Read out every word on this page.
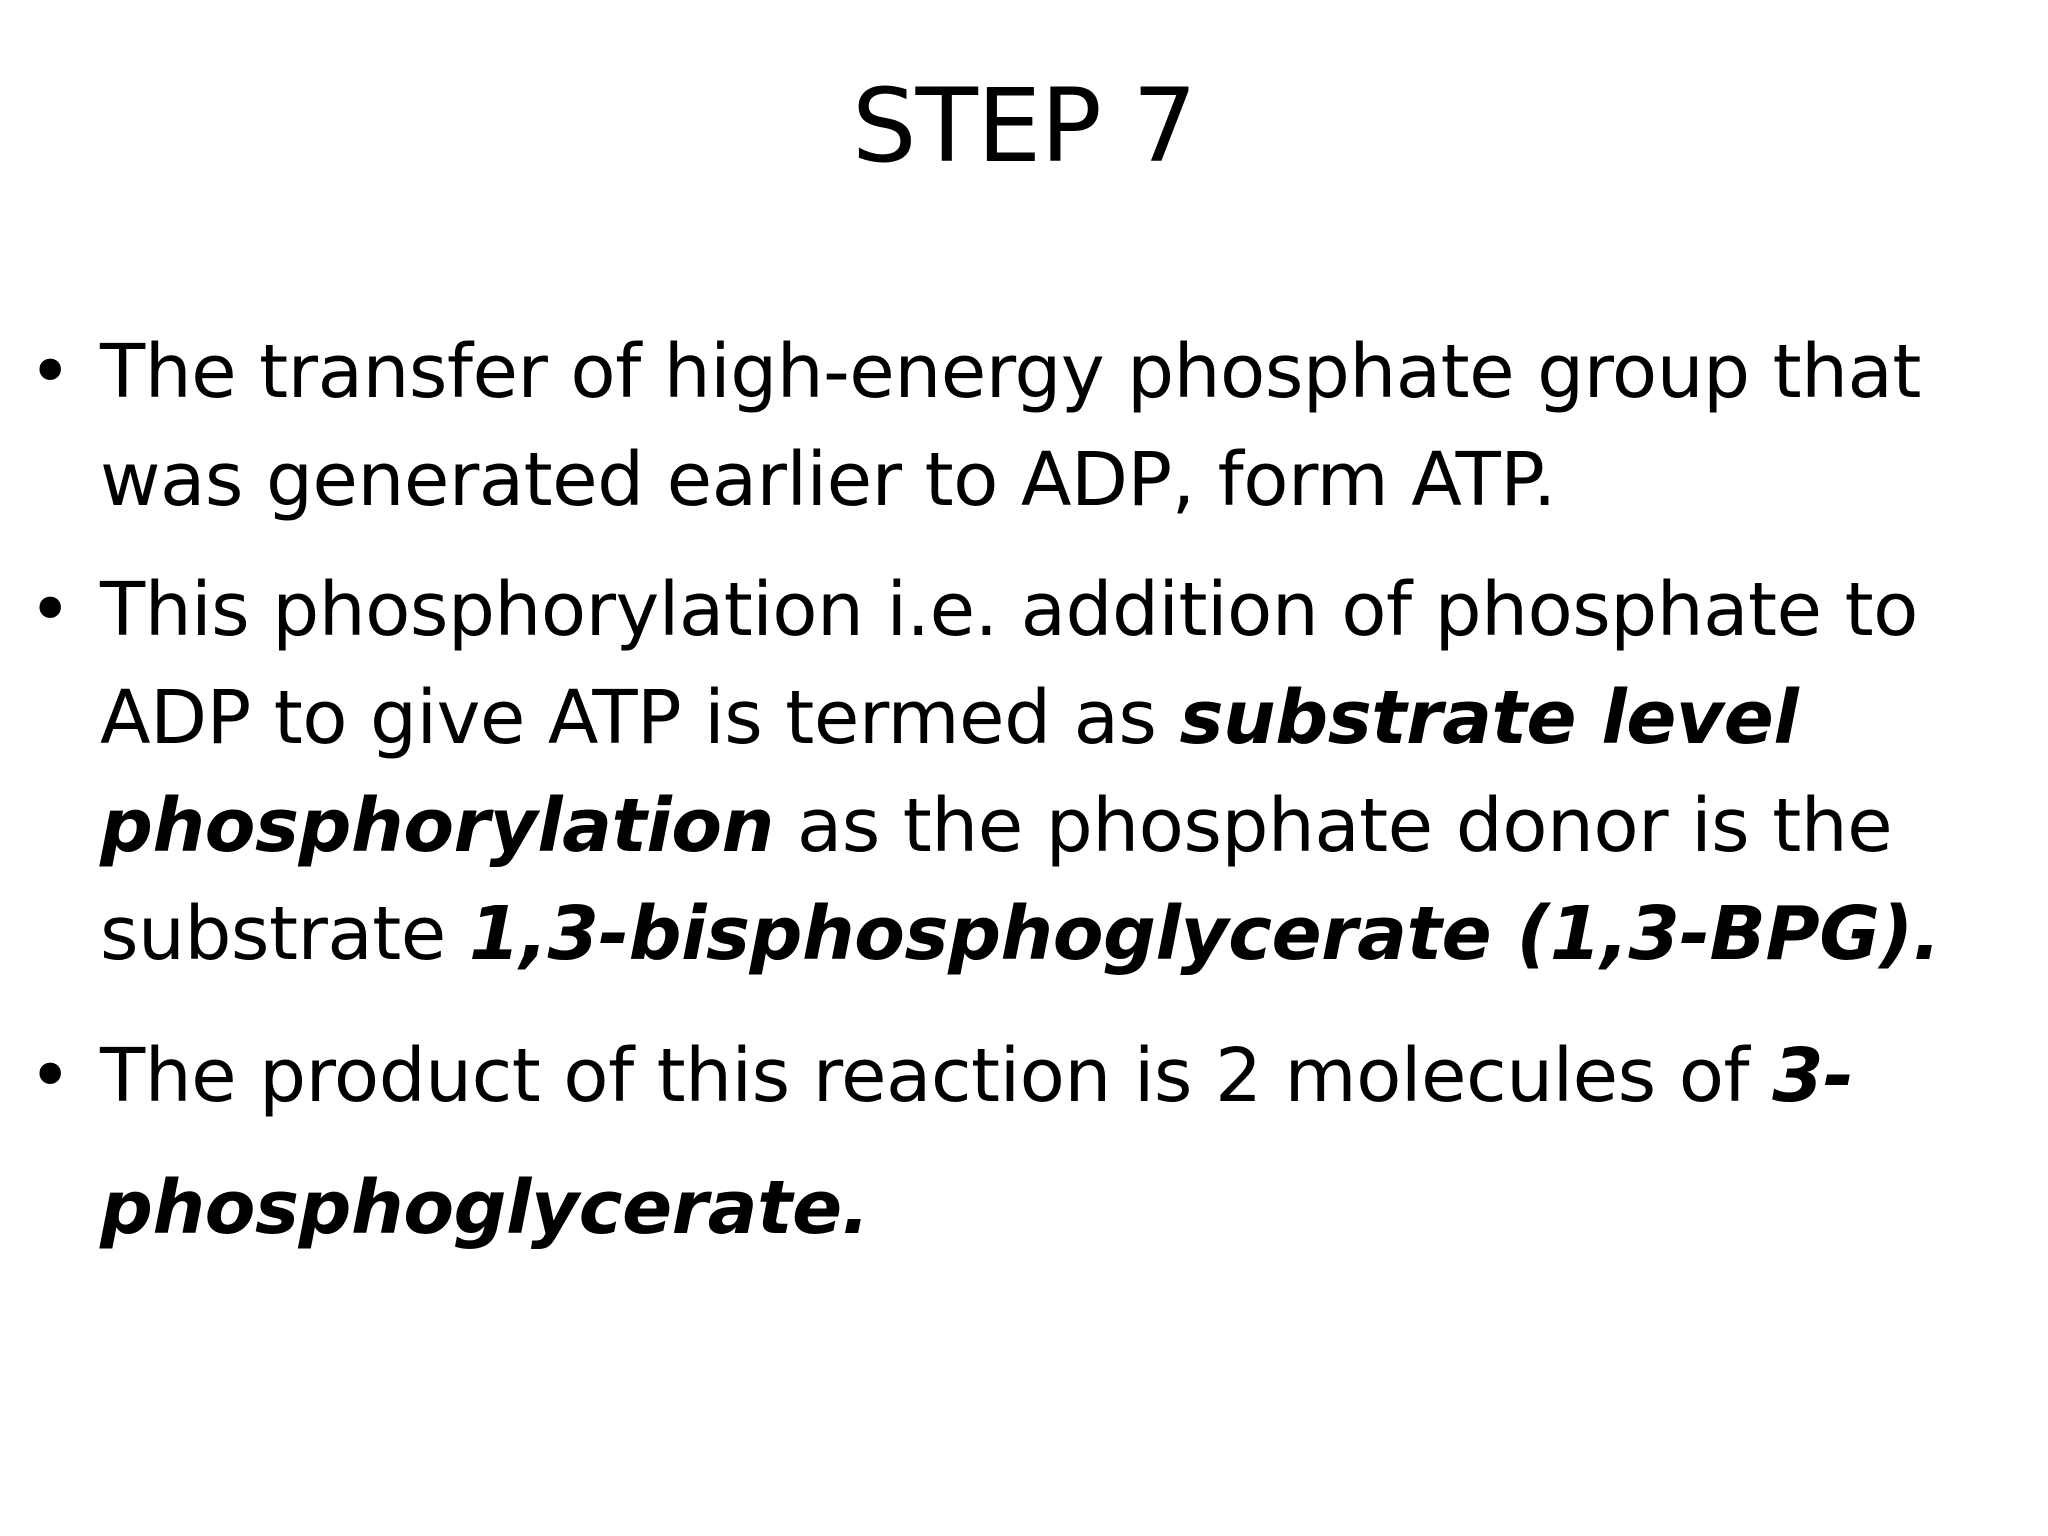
STEP 7
• The transfer of high-energy phosphate group that was generated earlier to ADP, form ATP.
• This phosphorylation i.e. addition of phosphate to ADP to give ATP is termed as substrate level phosphorylation as the phosphate donor is the substrate 1,3-bisphosphoglycerate (1,3-BPG).
• The product of this reaction is 2 molecules of 3-phosphoglycerate.
